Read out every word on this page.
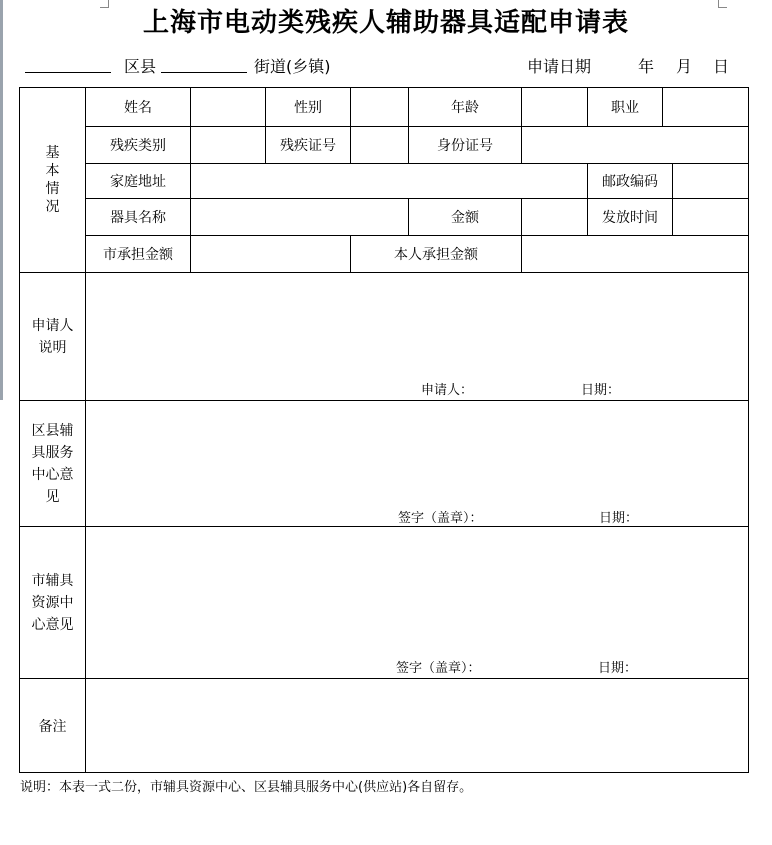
上海市电动类残疾人辅助器具适配申请表
区县	街道(乡镇)	申请日期	年 月 日
基本情况	姓名		性别		年龄		职业		
	残疾类别		残疾证号		身份证号				
	家庭地址						邮政编码		
	器具名称				金额		发放时间		
	市承担金额			本人承担金额					

申请人说明	申请人： 日期：								

区县辅具服务中心意见	签字（盖章）： 日期：								

市辅具资源中心意见	签字（盖章）： 日期：								

备注									
说明：本表一式二份，市辅具资源中心、区县辅具服务中心(供应站)各自留存。
